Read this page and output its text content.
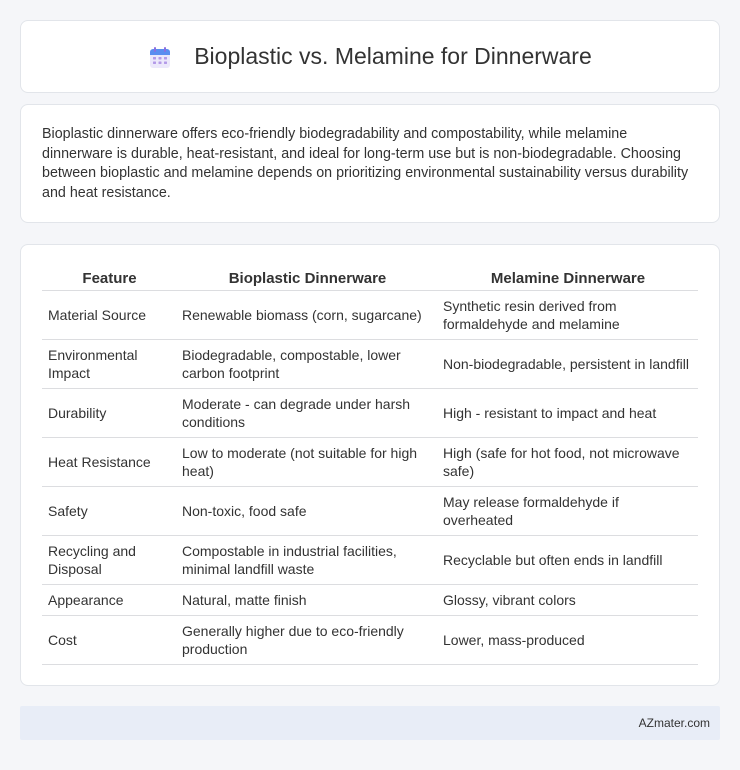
Bioplastic vs. Melamine for Dinnerware

Bioplastic dinnerware offers eco-friendly biodegradability and compostability, while melamine dinnerware is durable, heat-resistant, and ideal for long-term use but is non-biodegradable. Choosing between bioplastic and melamine depends on prioritizing environmental sustainability versus durability and heat resistance.

Feature	Bioplastic Dinnerware	Melamine Dinnerware
Material Source	Renewable biomass (corn, sugarcane)	Synthetic resin derived from formaldehyde and melamine
Environmental Impact	Biodegradable, compostable, lower carbon footprint	Non-biodegradable, persistent in landfill
Durability	Moderate - can degrade under harsh conditions	High - resistant to impact and heat
Heat Resistance	Low to moderate (not suitable for high heat)	High (safe for hot food, not microwave safe)
Safety	Non-toxic, food safe	May release formaldehyde if overheated
Recycling and Disposal	Compostable in industrial facilities, minimal landfill waste	Recyclable but often ends in landfill
Appearance	Natural, matte finish	Glossy, vibrant colors
Cost	Generally higher due to eco-friendly production	Lower, mass-produced
AZmater.com
